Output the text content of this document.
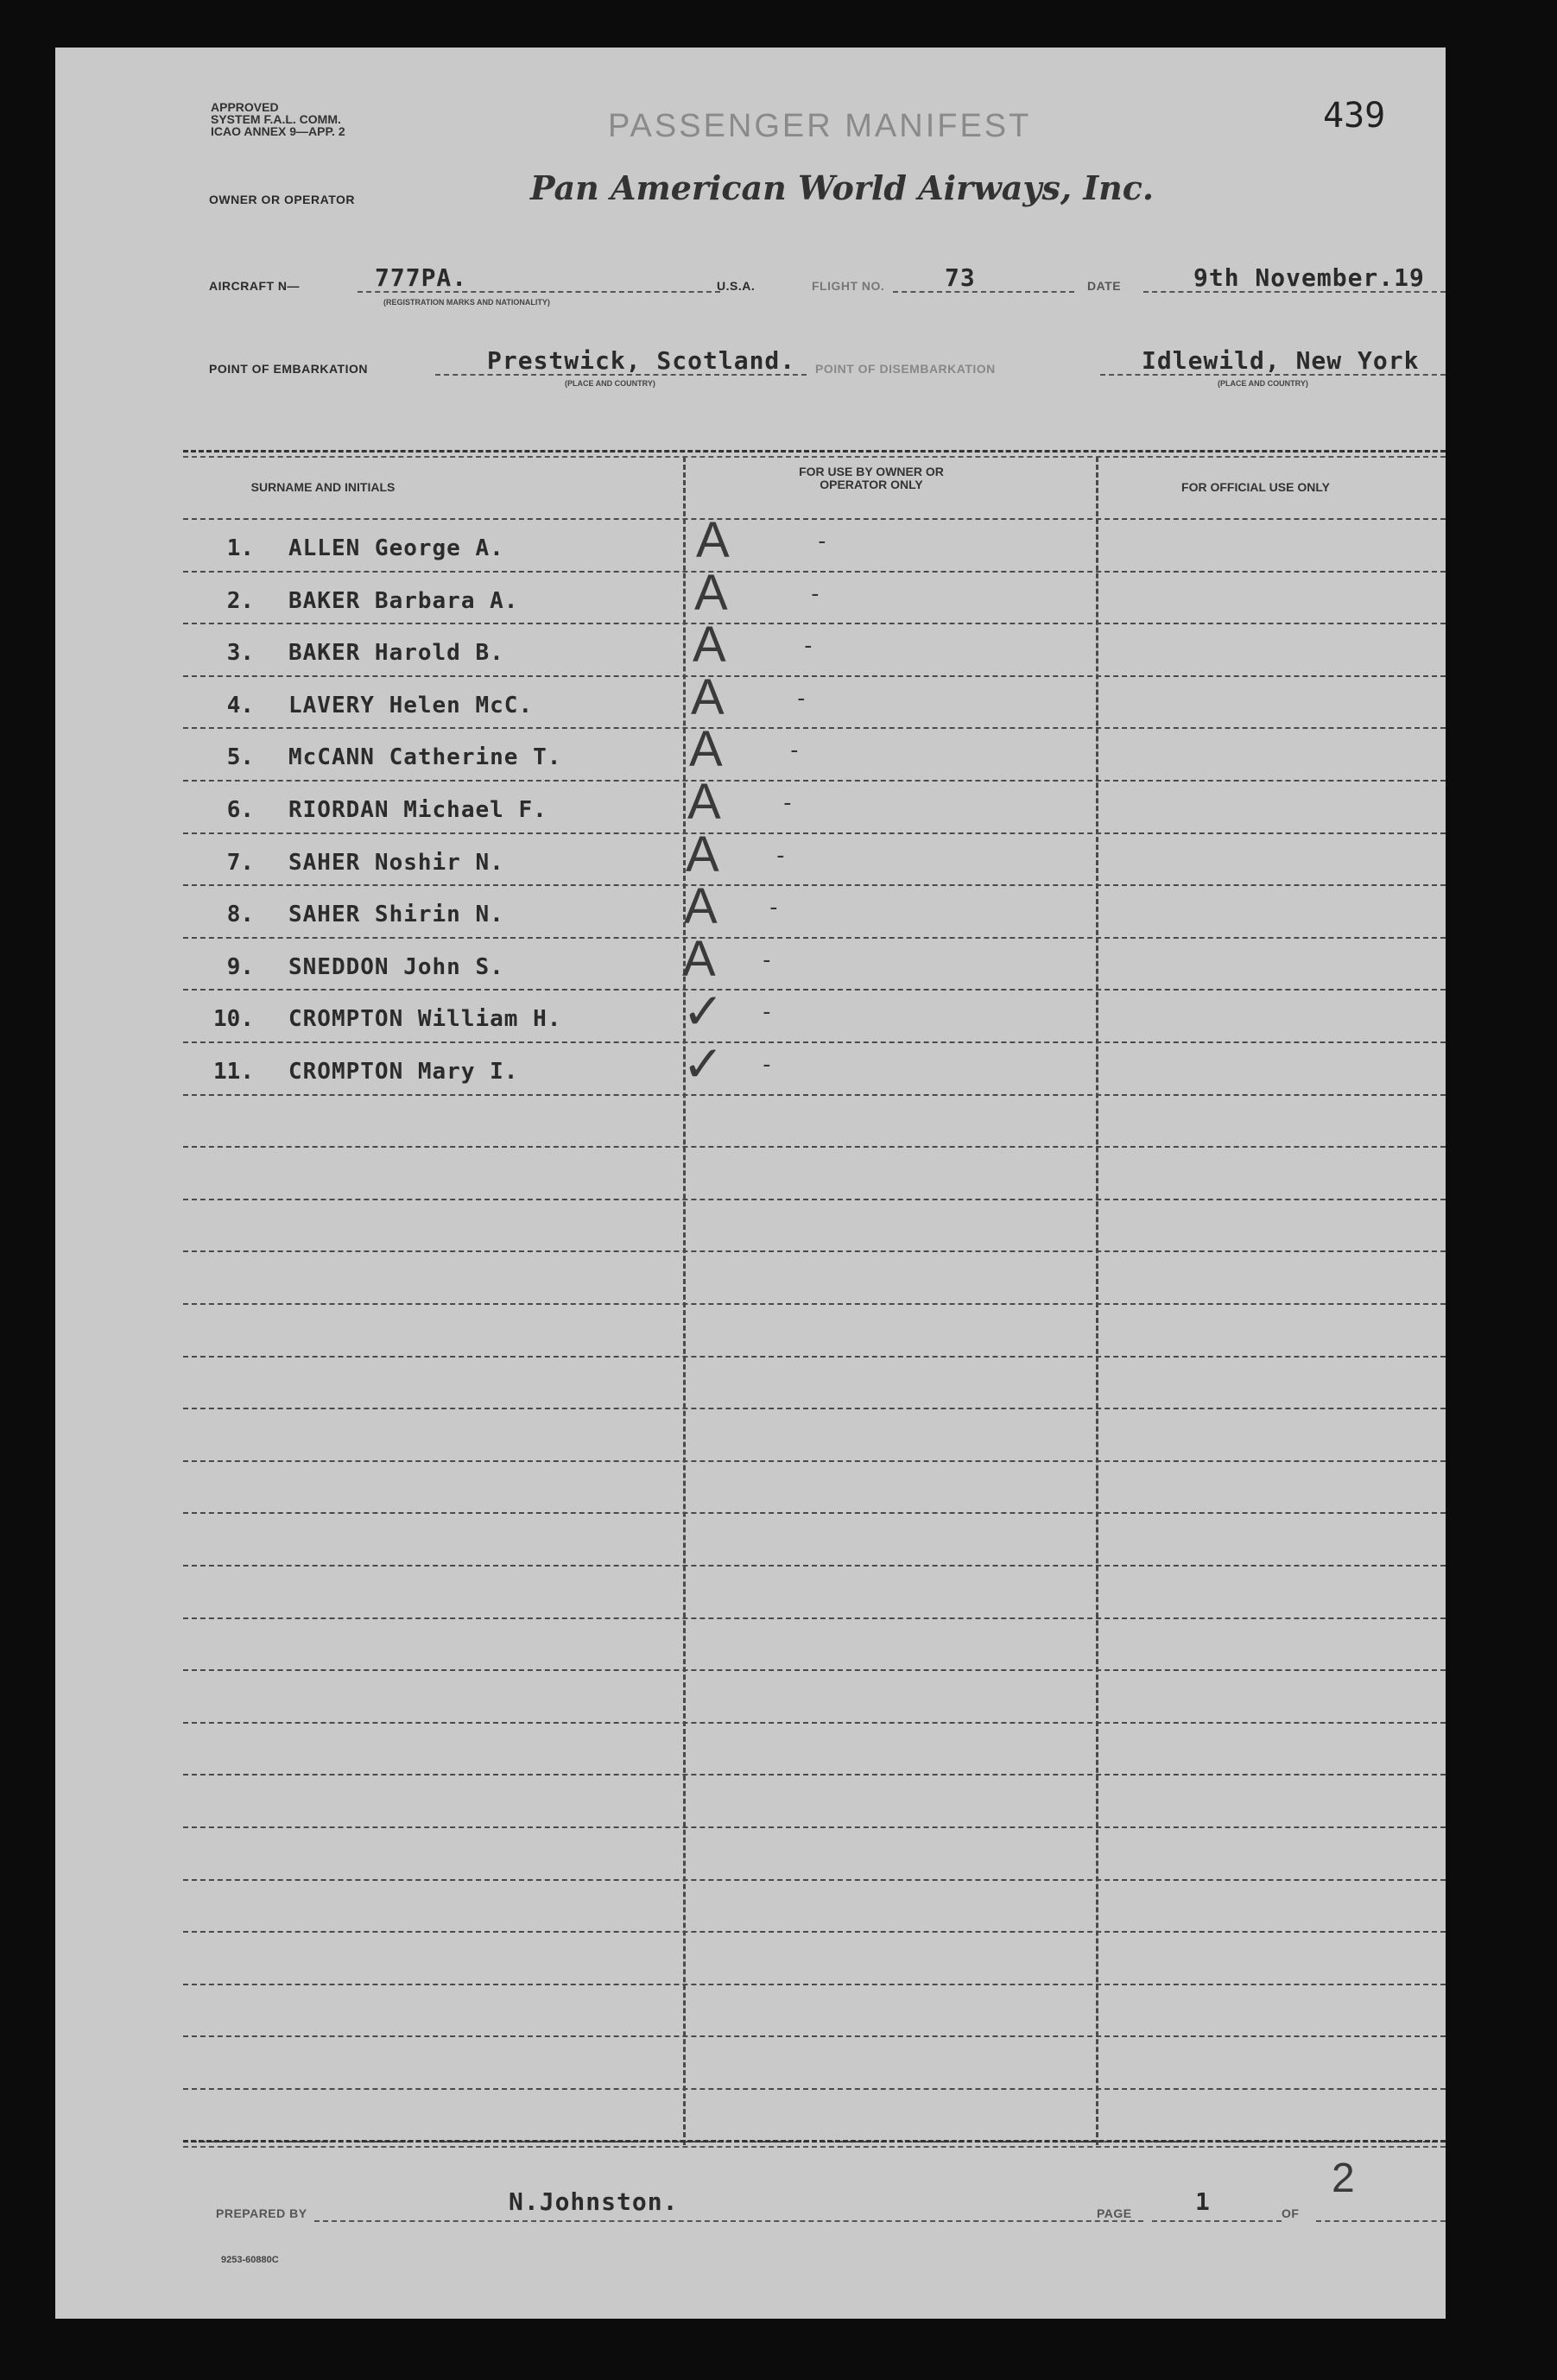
APPROVED
SYSTEM F.A.L. COMM.
ICAO ANNEX 9—APP. 2	PASSENGER MANIFEST	439
OWNER OR OPERATOR	Pan American World Airways, Inc.
AIRCRAFT N—	777PA.
(REGISTRATION MARKS AND NATIONALITY)
U.S.A.	FLIGHT NO. 73	DATE	9th November.19
POINT OF EMBARKATION	Prestwick, Scotland.
(PLACE AND COUNTRY)
POINT OF DISEMBARKATION	Idlewild, New York
(PLACE AND COUNTRY)
SURNAME AND INITIALS
FOR USE BY OWNER OR OPERATOR ONLY	FOR OFFICIAL USE ONLY
1. ALLEN George A.	A	-
2. BAKER Barbara A.	A	-
3. BAKER Harold B.	A	-
4. LAVERY Helen McC.	A	-
5. McCANN Catherine T.	A	-
6. RIORDAN Michael F.	A	-
7. SAHER Noshir N.	A -
8. SAHER Shirin N.	A -
9. SNEDDON John S.	A -
10. CROMPTON William H. ✓ -
11. CROMPTON Mary I.	✓ -
PREPARED BY	N.Johnston.	PAGE	1	OF
2
9253-60880C
